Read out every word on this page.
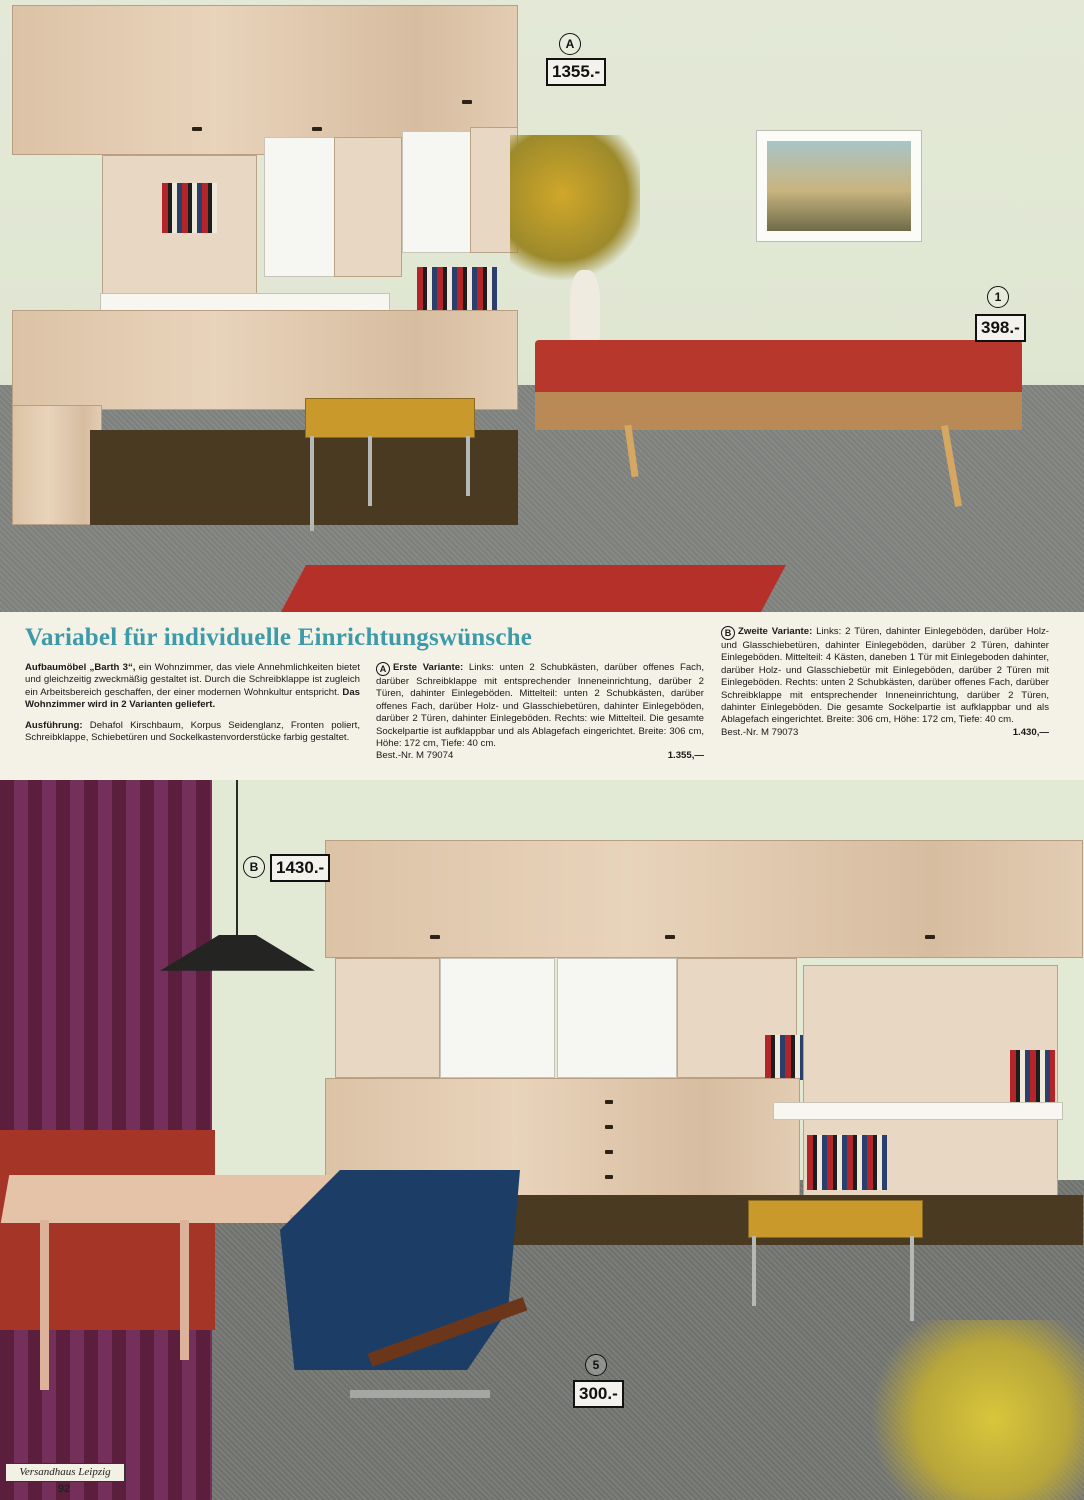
A
1355.-
1
398.-
Variabel für individuelle Einrichtungswünsche

Aufbaumöbel „Barth 3“, ein Wohnzimmer, das viele Annehmlichkeiten bietet und gleichzeitig zweckmäßig gestaltet ist. Durch die Schreibklappe ist zugleich ein Arbeitsbereich geschaffen, der einer modernen Wohnkultur entspricht. Das Wohnzimmer wird in 2 Varianten geliefert.

Ausführung: Dehafol Kirschbaum, Korpus Seidenglanz, Fronten poliert, Schreibklappe, Schiebetüren und Sockelkastenvorderstücke farbig gestaltet.

A Erste Variante: Links: unten 2 Schubkästen, darüber offenes Fach, darüber Schreibklappe mit entsprechender Inneneinrichtung, darüber 2 Türen, dahinter Einlegeböden. Mittelteil: unten 2 Schubkästen, darüber offenes Fach, darüber Holz- und Glasschiebetüren, dahinter Einlegeböden, darüber 2 Türen, dahinter Einlegeböden. Rechts: wie Mittelteil. Die gesamte Sockelpartie ist aufklappbar und als Ablagefach eingerichtet. Breite: 306 cm, Höhe: 172 cm, Tiefe: 40 cm.

Best.-Nr. M 79074	1.355,—

B Zweite Variante: Links: 2 Türen, dahinter Einlegeböden, darüber Holz- und Glasschiebetüren, dahinter Einlegeböden, darüber 2 Türen, dahinter Einlegeböden. Mittelteil: 4 Kästen, daneben 1 Tür mit Einlegeboden dahinter, darüber Holz- und Glasschiebetür mit Einlegeböden, darüber 2 Türen mit Einlegeböden. Rechts: unten 2 Schubkästen, darüber offenes Fach, darüber Schreibklappe mit entsprechender Inneneinrichtung, darüber 2 Türen, dahinter Einlegeböden. Die gesamte Sockelpartie ist aufklappbar und als Ablagefach eingerichtet. Breite: 306 cm, Höhe: 172 cm, Tiefe: 40 cm.

Best.-Nr. M 79073	1.430,—
B	1430.-
5
300.-
Versandhaus Leipzig
92
